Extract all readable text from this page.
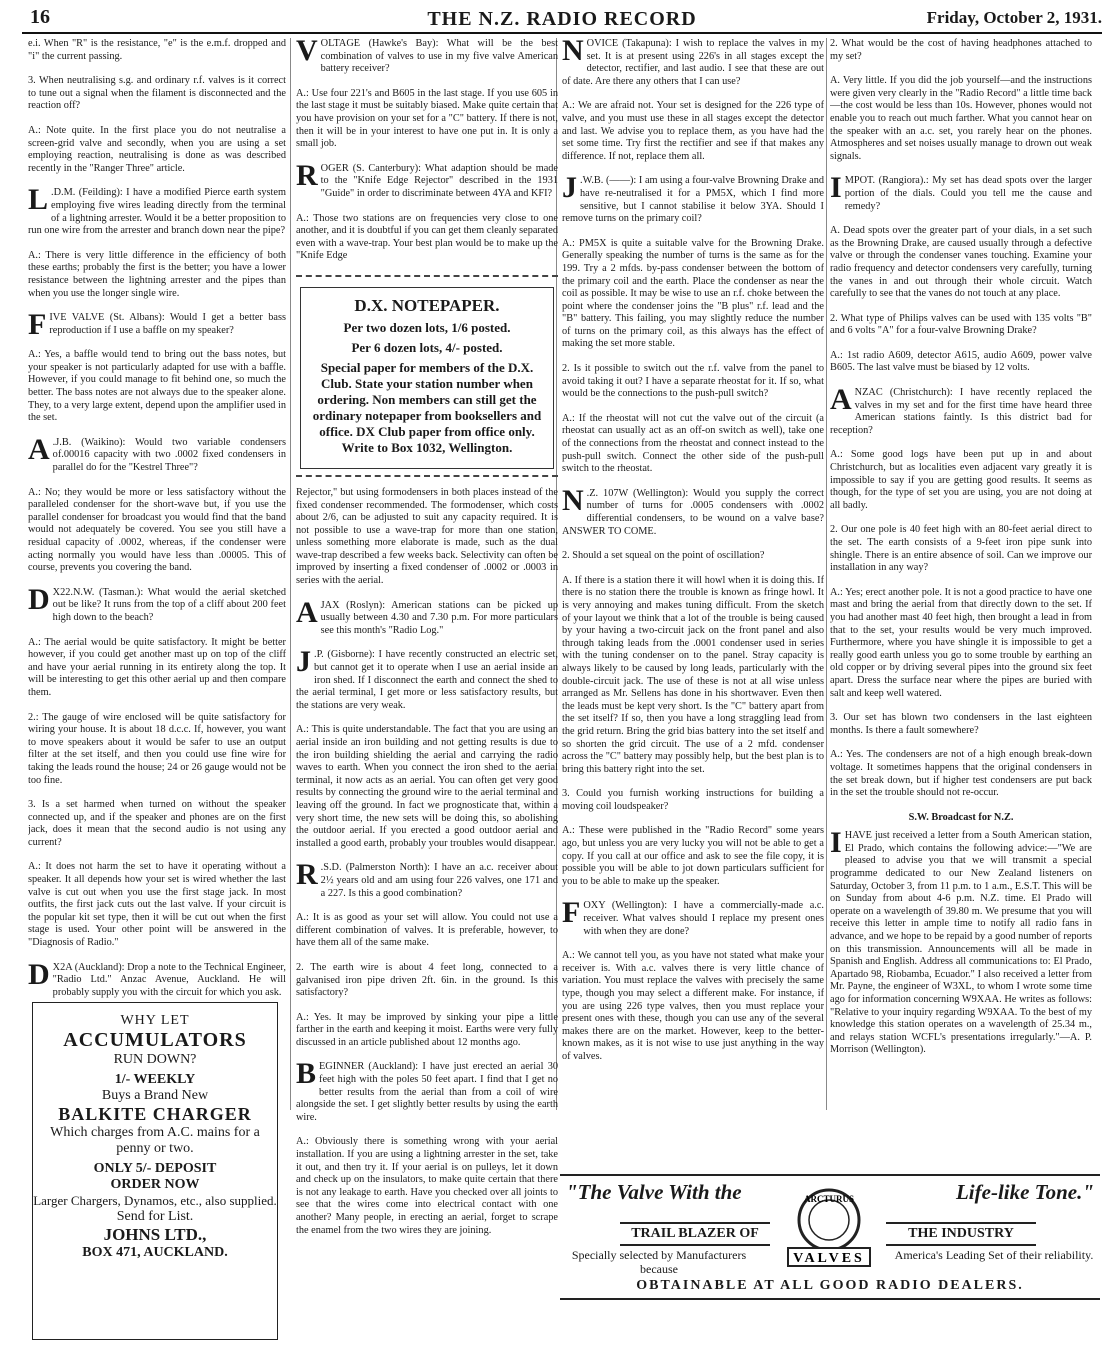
16	THE N.Z. RADIO RECORD	Friday, October 2, 1931.

e.i. When "R" is the resistance, "e" is the e.m.f. dropped and "i" the current passing.

3. When neutralising s.g. and ordinary r.f. valves is it correct to tune out a signal when the filament is disconnected and the reaction off?

A.: Note quite. In the first place you do not neutralise a screen-grid valve and secondly, when you are using a set employing reaction, neutralising is done as was described recently in the "Ranger Three" article.

L .D.M. (Feilding): I have a modified Pierce earth system employing five wires leading directly from the terminal of a lightning arrester. Would it be a better proposition to run one wire from the arrester and branch down near the pipe?

A.: There is very little difference in the efficiency of both these earths; probably the first is the better; you have a lower resistance between the lightning arrester and the pipes than when you use the longer single wire.

FIVE VALVE (St. Albans): Would I get a better bass reproduction if I use a baffle on my speaker?

A.: Yes, a baffle would tend to bring out the bass notes, but your speaker is not particularly adapted for use with a baffle. However, if you could manage to fit behind one, so much the better. The bass notes are not always due to the speaker alone. They, to a very large extent, depend upon the amplifier used in the set.

A .J.B. (Waikino): Would two variable condensers of.00016 capacity with two .0002 fixed condensers in parallel do for the "Kestrel Three"?

A.: No; they would be more or less satisfactory without the paralleled condenser for the short-wave but, if you use the parallel condenser for broadcast you would find that the band would not adequately be covered. You see you still have a residual capacity of .0002, whereas, if the condenser were acting normally you would have less than .00005. This of course, prevents you covering the band.

D X22.N.W. (Tasman.): What would the aerial sketched out be like? It runs from the top of a cliff about 200 feet high down to the beach?

A.: The aerial would be quite satisfactory. It might be better however, if you could get another mast up on top of the cliff and have your aerial running in its entirety along the top. It will be interesting to get this other aerial up and then compare them.

2.: The gauge of wire enclosed will be quite satisfactory for wiring your house. It is about 18 d.c.c. If, however, you want to move speakers about it would be safer to use an output filter at the set itself, and then you could use fine wire for taking the leads round the house; 24 or 26 gauge would not be too fine.

3. Is a set harmed when turned on without the speaker connected up, and if the speaker and phones are on the first jack, does it mean that the second audio is not using any current?

A.: It does not harm the set to have it operating without a speaker. It all depends how your set is wired whether the last valve is cut out when you use the first stage jack. In most outfits, the first jack cuts out the last valve. If your circuit is the popular kit set type, then it will be cut out when the first stage is used. Your other point will be answered in the "Diagnosis of Radio."

D X2A (Auckland): Drop a note to the Technical Engineer, "Radio Ltd." Anzac Avenue, Auckland. He will probably supply you with the circuit for which you ask.

WHY LET
ACCUMULATORS
RUN DOWN?
1/- WEEKLY
Buys a Brand New
BALKITE CHARGER
Which charges from A.C. mains for a penny or two.
ONLY 5/- DEPOSIT
ORDER NOW
Larger Chargers, Dynamos, etc., also supplied.
Send for List.
JOHNS LTD.,
BOX 471, AUCKLAND.

VOLTAGE (Hawke's Bay): What will be the best combination of valves to use in my five valve American battery receiver?

A.: Use four 221's and B605 in the last stage. If you use 605 in the last stage it must be suitably biased. Make quite certain that you have provision on your set for a "C" battery. If there is not, then it will be in your interest to have one put in. It is only a small job.

ROGER (S. Canterbury): What adaption should be made to the "Knife Edge Rejector" described in the 1931 "Guide" in order to discriminate between 4YA and KFI?

A.: Those two stations are on frequencies very close to one another, and it is doubtful if you can get them cleanly separated even with a wave-trap. Your best plan would be to make up the "Knife Edge

D.X. NOTEPAPER.
Per two dozen lots, 1/6 posted.
Per 6 dozen lots, 4/- posted.
Special paper for members of the D.X. Club. State your station number when ordering. Non members can still get the ordinary notepaper from booksellers and office. DX Club paper from office only. Write to Box 1032, Wellington.

Rejector," but using formodensers in both places instead of the fixed condenser recommended. The formodenser, which costs about 2/6, can be adjusted to suit any capacity required. It is not possible to use a wave-trap for more than one station, unless something more elaborate is made, such as the dual wave-trap described a few weeks back. Selectivity can often be improved by inserting a fixed condenser of .0002 or .0003 in series with the aerial.

AJAX (Roslyn): American stations can be picked up usually between 4.30 and 7.30 p.m. For more particulars see this month's "Radio Log."

J .P. (Gisborne): I have recently constructed an electric set, but cannot get it to operate when I use an aerial inside an iron shed. If I disconnect the earth and connect the shed to the aerial terminal, I get more or less satisfactory results, but the stations are very weak.

A.: This is quite understandable. The fact that you are using an aerial inside an iron building and not getting results is due to the iron building shielding the aerial and carrying the radio waves to earth. When you connect the iron shed to the aerial terminal, it now acts as an aerial. You can often get very good results by connecting the ground wire to the aerial terminal and leaving off the ground. In fact we prognosticate that, within a very short time, the new sets will be doing this, so abolishing the outdoor aerial. If you erected a good outdoor aerial and installed a good earth, probably your troubles would disappear.

R .S.D. (Palmerston North): I have an a.c. receiver about 2½ years old and am using four 226 valves, one 171 and a 227. Is this a good combination?

A.: It is as good as your set will allow. You could not use a different combination of valves. It is preferable, however, to have them all of the same make.

2. The earth wire is about 4 feet long, connected to a galvanised iron pipe driven 2ft. 6in. in the ground. Is this satisfactory?

A.: Yes. It may be improved by sinking your pipe a little farther in the earth and keeping it moist. Earths were very fully discussed in an article published about 12 months ago.

BEGINNER (Auckland): I have just erected an aerial 30 feet high with the poles 50 feet apart. I find that I get no better results from the aerial than from a coil of wire alongside the set. I get slightly better results by using the earth wire.

A.: Obviously there is something wrong with your aerial installation. If you are using a lightning arrester in the set, take it out, and then try it. If your aerial is on pulleys, let it down and check up on the insulators, to make quite certain that there is not any leakage to earth. Have you checked over all joints to see that the wires come into electrical contact with one another? Many people, in erecting an aerial, forget to scrape the enamel from the two wires they are joining.

NOVICE (Takapuna): I wish to replace the valves in my set. It is at present using 226's in all stages except the detector, rectifier, and last audio. I see that these are out of date. Are there any others that I can use?

A.: We are afraid not. Your set is designed for the 226 type of valve, and you must use these in all stages except the detector and last. We advise you to replace them, as you have had the set some time. Try first the rectifier and see if that makes any difference. If not, replace them all.

J .W.B. (——): I am using a four-valve Browning Drake and have re-neutralised it for a PM5X, which I find more sensitive, but I cannot stabilise it below 3YA. Should I remove turns on the primary coil?

A.: PM5X is quite a suitable valve for the Browning Drake. Generally speaking the number of turns is the same as for the 199. Try a 2 mfds. by-pass condenser between the bottom of the primary coil and the earth. Place the condenser as near the coil as possible. It may be wise to use an r.f. choke between the point where the condenser joins the "B plus" r.f. lead and the "B" battery. This failing, you may slightly reduce the number of turns on the primary coil, as this always has the effect of making the set more stable.

2. Is it possible to switch out the r.f. valve from the panel to avoid taking it out? I have a separate rheostat for it. If so, what would be the connections to the push-pull switch?

A.: If the rheostat will not cut the valve out of the circuit (a rheostat can usually act as an off-on switch as well), take one of the connections from the rheostat and connect instead to the push-pull switch. Connect the other side of the push-pull switch to the rheostat.

N .Z. 107W (Wellington): Would you supply the correct number of turns for .0005 condensers with .0002 differential condensers, to be wound on a valve base? ANSWER TO COME.

2. Should a set squeal on the point of oscillation?

A. If there is a station there it will howl when it is doing this. If there is no station there the trouble is known as fringe howl. It is very annoying and makes tuning difficult. From the sketch of your layout we think that a lot of the trouble is being caused by your having a two-circuit jack on the front panel and also through taking leads from the .0001 condenser used in series with the tuning condenser on to the panel. Stray capacity is always likely to be caused by long leads, particularly with the double-circuit jack. The use of these is not at all wise unless arranged as Mr. Sellens has done in his shortwaver. Even then the leads must be kept very short. Is the "C" battery apart from the set itself? If so, then you have a long straggling lead from the grid return. Bring the grid bias battery into the set itself and so shorten the grid circuit. The use of a 2 mfd. condenser across the "C" battery may possibly help, but the best plan is to bring this battery right into the set.

3. Could you furnish working instructions for building a moving coil loudspeaker?

A.: These were published in the "Radio Record" some years ago, but unless you are very lucky you will not be able to get a copy. If you call at our office and ask to see the file copy, it is possible you will be able to jot down particulars sufficient for you to be able to make up the speaker.

FOXY (Wellington): I have a commercially-made a.c. receiver. What valves should I replace my present ones with when they are done?

A.: We cannot tell you, as you have not stated what make your receiver is. With a.c. valves there is very little chance of variation. You must replace the valves with precisely the same type, though you may select a different make. For instance, if you are using 226 type valves, then you must replace your present ones with these, though you can use any of the several makes there are on the market. However, keep to the better-known makes, as it is not wise to use just anything in the way of valves.

2. What would be the cost of having headphones attached to my set?

A. Very little. If you did the job yourself—and the instructions were given very clearly in the "Radio Record" a little time back—the cost would be less than 10s. However, phones would not enable you to reach out much farther. What you cannot hear on the speaker with an a.c. set, you rarely hear on the phones. Atmospheres and set noises usually manage to drown out weak signals.

IMPOT. (Rangiora).: My set has dead spots over the larger portion of the dials. Could you tell me the cause and remedy?

A. Dead spots over the greater part of your dials, in a set such as the Browning Drake, are caused usually through a defective valve or through the condenser vanes touching. Examine your radio frequency and detector condensers very carefully, turning the vanes in and out through their whole circuit. Watch carefully to see that the vanes do not touch at any place.

2. What type of Philips valves can be used with 135 volts "B" and 6 volts "A" for a four-valve Browning Drake?

A.: 1st radio A609, detector A615, audio A609, power valve B605. The last valve must be biased by 12 volts.

ANZAC (Christchurch): I have recently replaced the valves in my set and for the first time have heard three American stations faintly. Is this district bad for reception?

A.: Some good logs have been put up in and about Christchurch, but as localities even adjacent vary greatly it is impossible to say if you are getting good results. It seems as though, for the type of set you are using, you are not doing at all badly.

2. Our one pole is 40 feet high with an 80-feet aerial direct to the set. The earth consists of a 9-feet iron pipe sunk into shingle. There is an entire absence of soil. Can we improve our installation in any way?

A.: Yes; erect another pole. It is not a good practice to have one mast and bring the aerial from that directly down to the set. If you had another mast 40 feet high, then brought a lead in from that to the set, your results would be very much improved. Furthermore, where you have shingle it is impossible to get a really good earth unless you go to some trouble by earthing an old copper or by driving several pipes into the ground six feet apart. Dress the surface near where the pipes are buried with salt and keep well watered.

3. Our set has blown two condensers in the last eighteen months. Is there a fault somewhere?

A.: Yes. The condensers are not of a high enough break-down voltage. It sometimes happens that the original condensers in the set break down, but if higher test condensers are put back in the set the trouble should not re-occur.

S.W. Broadcast for N.Z.

I HAVE just received a letter from a South American station, El Prado, which contains the following advice:—"We are pleased to advise you that we will transmit a special programme dedicated to our New Zealand listeners on Saturday, October 3, from 11 p.m. to 1 a.m., E.S.T. This will be on Sunday from about 4-6 p.m. N.Z. time. El Prado will operate on a wavelength of 39.80 m. We presume that you will receive this letter in ample time to notify all radio fans in advance, and we hope to be repaid by a good number of reports on this transmission. Announcements will all be made in Spanish and English. Address all communications to: El Prado, Apartado 98, Riobamba, Ecuador." I also received a letter from Mr. Payne, the engineer of W3XL, to whom I wrote some time ago for information concerning W9XAA. He writes as follows: "Relative to your inquiry regarding W9XAA. To the best of my knowledge this station operates on a wavelength of 25.34 m., and relays station WCFL's presentations irregularly."—A. P. Morrison (Wellington).

"The Valve With the	Life-like Tone."
TRAIL BLAZER OF	THE INDUSTRY
ARCTURUS
VALVES
Specially selected by Manufacturers because
America's Leading Set of their reliability.
OBTAINABLE AT ALL GOOD RADIO DEALERS.
